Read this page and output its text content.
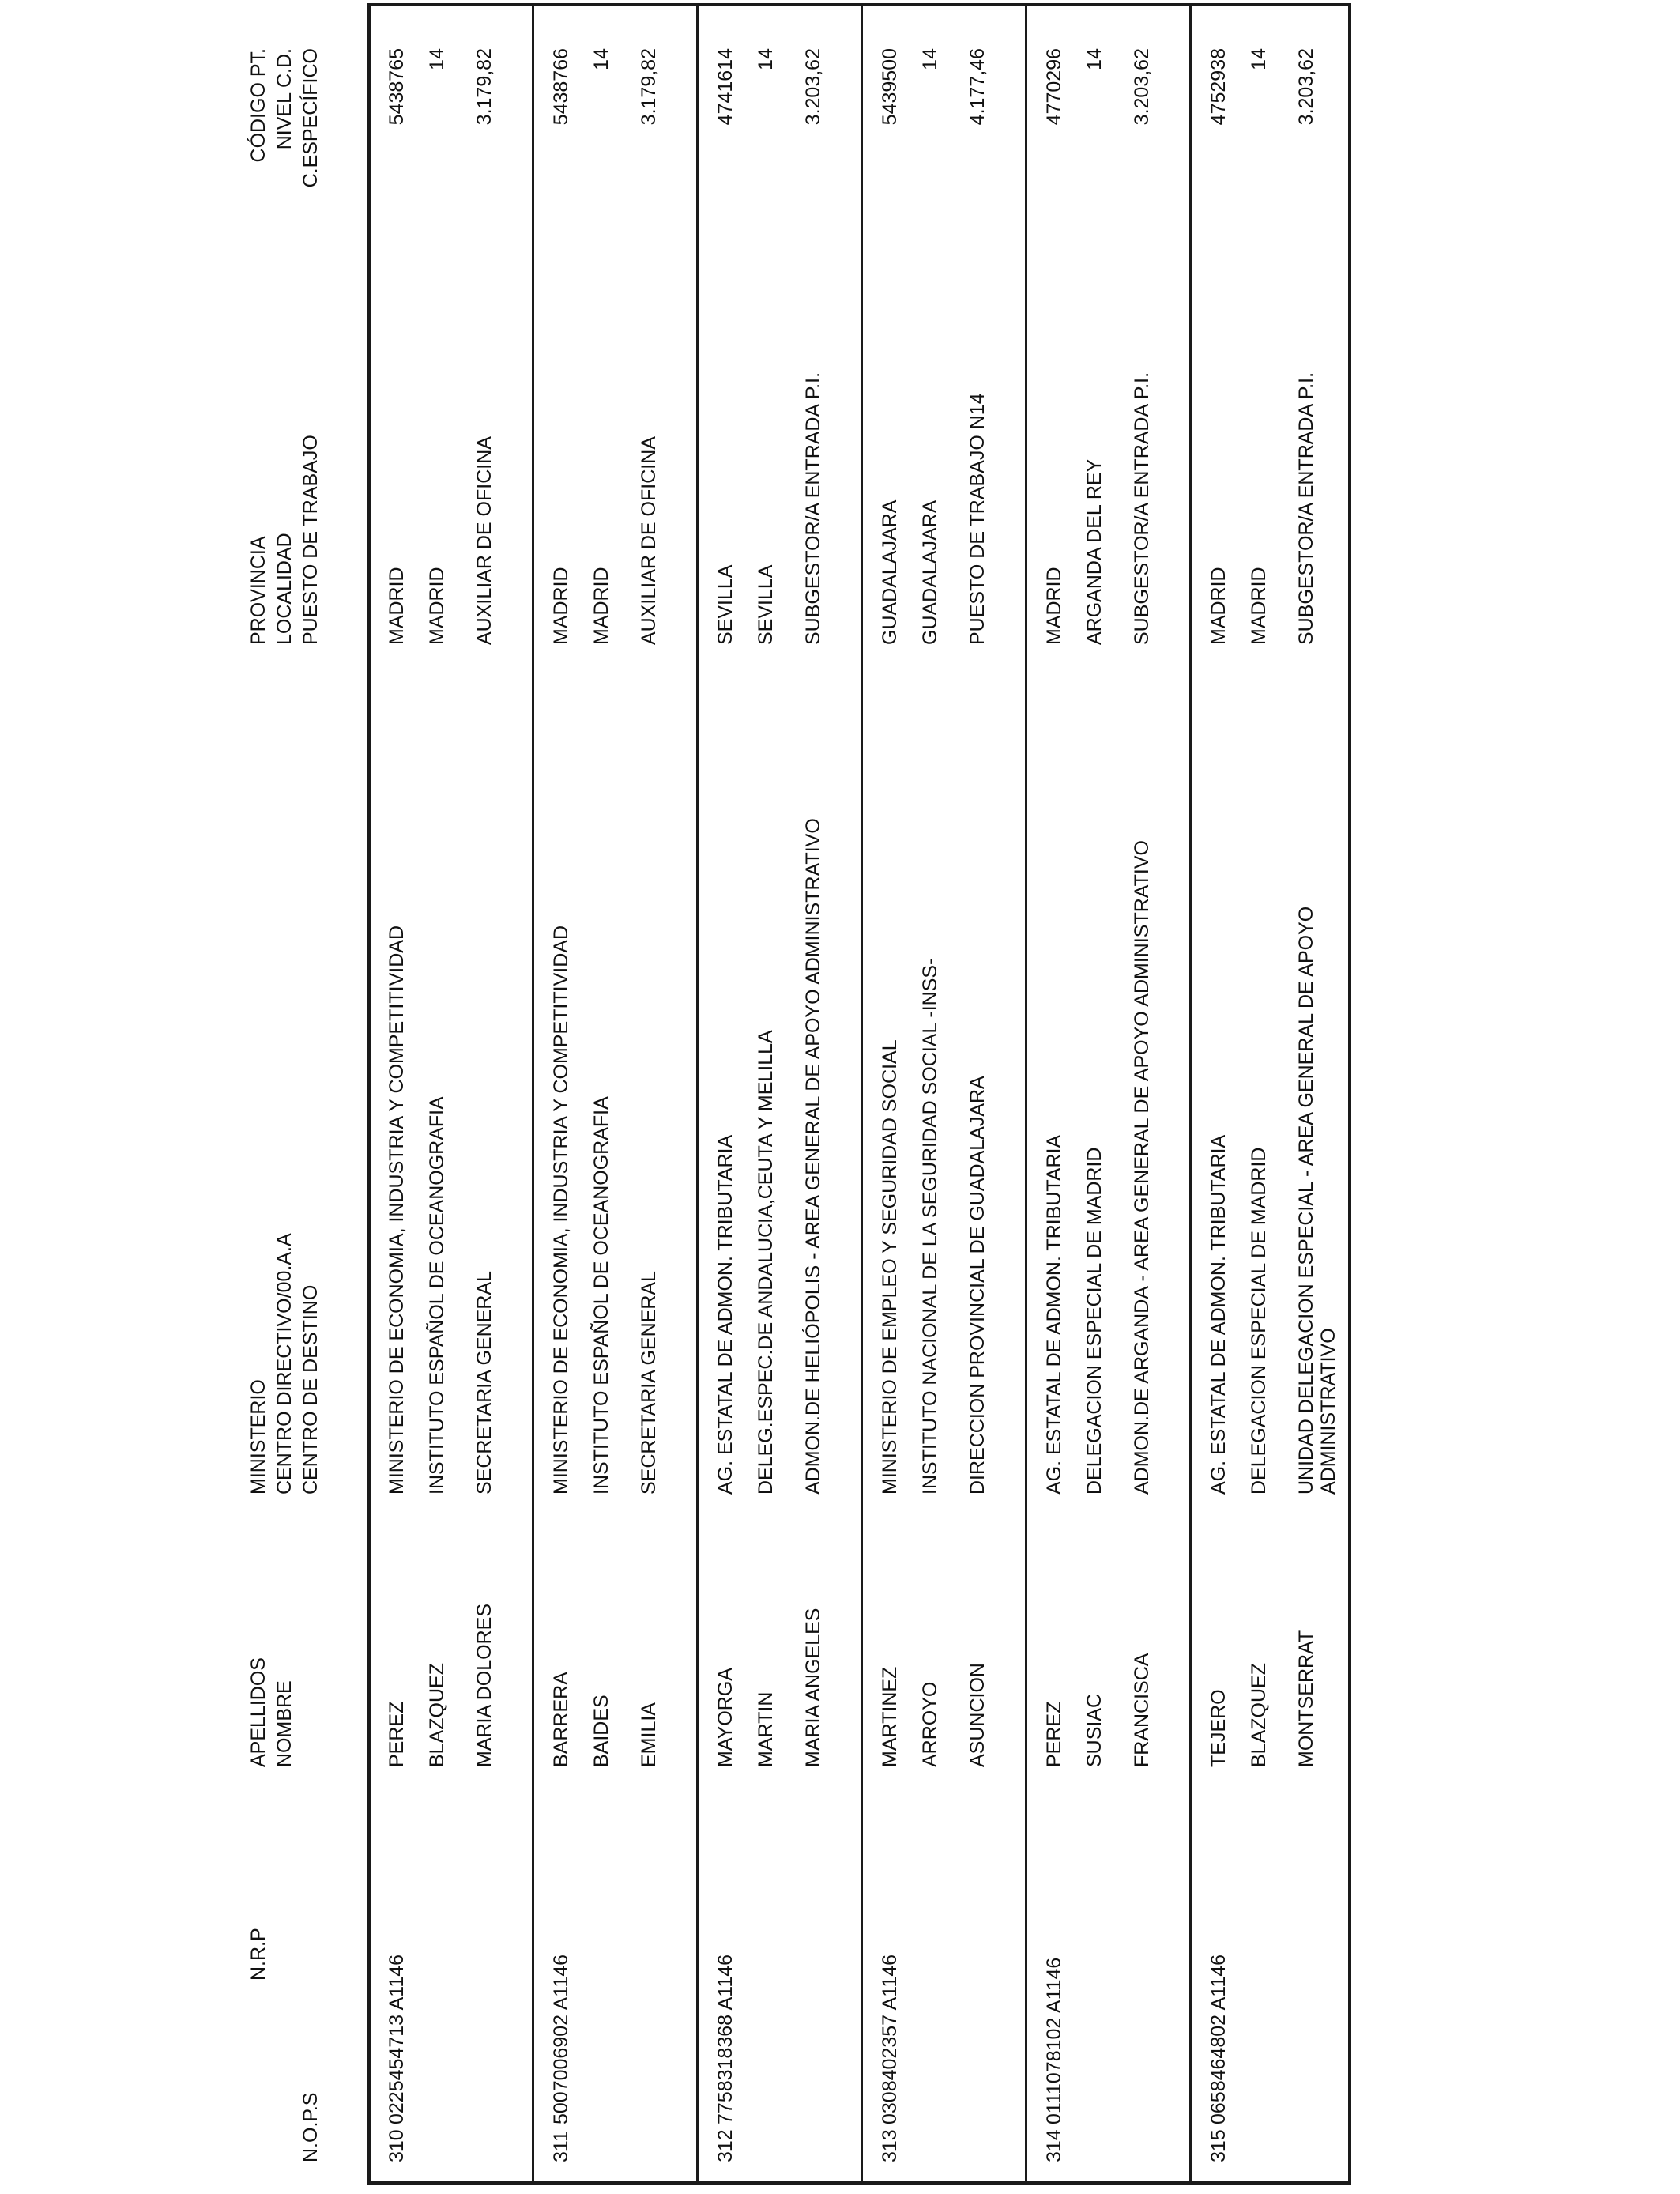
N.O.P.S
N.R.P
APELLIDOS NOMBRE
MINISTERIO CENTRO DIRECTIVO/00.A.A CENTRO DE DESTINO
PROVINCIA LOCALIDAD PUESTO DE TRABAJO
CÓDIGO PT. NIVEL C.D. C.ESPECÍFICO
310
0225454713 A1146
PEREZ BLAZQUEZ MARIA DOLORES
MINISTERIO DE ECONOMIA, INDUSTRIA Y COMPETITIVIDAD INSTITUTO ESPAÑOL DE OCEANOGRAFIA SECRETARIA GENERAL
MADRID MADRID AUXILIAR DE OFICINA
5438765 14 3.179,82
311
5007006902 A1146
BARRERA BAIDES EMILIA
MINISTERIO DE ECONOMIA, INDUSTRIA Y COMPETITIVIDAD INSTITUTO ESPAÑOL DE OCEANOGRAFIA SECRETARIA GENERAL
MADRID MADRID AUXILIAR DE OFICINA
5438766 14 3.179,82
312
7758318368 A1146
MAYORGA MARTIN MARIA ANGELES
AG. ESTATAL DE ADMON. TRIBUTARIA DELEG.ESPEC.DE ANDALUCIA,CEUTA Y MELILLA ADMON.DE HELIÓPOLIS - AREA GENERAL DE APOYO ADMINISTRATIVO
SEVILLA SEVILLA SUBGESTOR/A ENTRADA P.I.
4741614 14 3.203,62
313
0308402357 A1146
MARTINEZ ARROYO ASUNCION
MINISTERIO DE EMPLEO Y SEGURIDAD SOCIAL INSTITUTO NACIONAL DE LA SEGURIDAD SOCIAL -INSS- DIRECCION PROVINCIAL DE GUADALAJARA
GUADALAJARA GUADALAJARA PUESTO DE TRABAJO N14
5439500 14 4.177,46
314
0111078102 A1146
PEREZ SUSIAC FRANCISCA
AG. ESTATAL DE ADMON. TRIBUTARIA DELEGACION ESPECIAL DE MADRID ADMON.DE ARGANDA - AREA GENERAL DE APOYO ADMINISTRATIVO
MADRID ARGANDA DEL REY SUBGESTOR/A ENTRADA P.I.
4770296 14 3.203,62
315
0658464802 A1146
TEJERO BLAZQUEZ MONTSERRAT
AG. ESTATAL DE ADMON. TRIBUTARIA DELEGACION ESPECIAL DE MADRID UNIDAD DELEGACION ESPECIAL - AREA GENERAL DE APOYO ADMINISTRATIVO
MADRID MADRID SUBGESTOR/A ENTRADA P.I.
4752938 14 3.203,62
